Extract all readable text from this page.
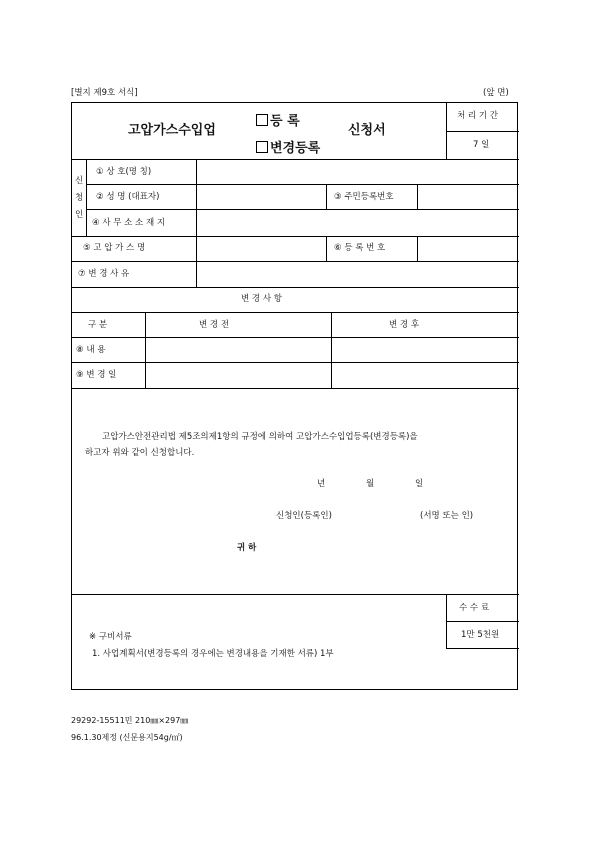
[별지 제9호 서식]	(앞 면)
고압가스수입업
등 록
변경등록
신청서
처 리 기 간
7 일
신
청
인
① 상 호(명 칭)
② 성 명 (대표자)	③ 주민등록번호
④ 사 무 소 소 재 지
⑤ 고 압 가 스 명	⑥ 등 록 번 호
⑦ 변 경 사 유
변 경 사 항
구 분	변 경 전	변 경 후
⑧ 내 용
⑨ 변 경 일
고압가스안전관리법 제5조의제1항의 규정에 의하여 고압가스수입업등록(변경등록)을
하고자 위와 같이 신청합니다.
년	월	일
신청인(등록인)	(서명 또는 인)
귀 하
수 수 료
1만 5천원
※ 구비서류
1. 사업계획서(변경등록의 경우에는 변경내용을 기재한 서류) 1부
29292-15511민 210㎜×297㎜
96.1.30제정 (신문용지54g/㎡)
